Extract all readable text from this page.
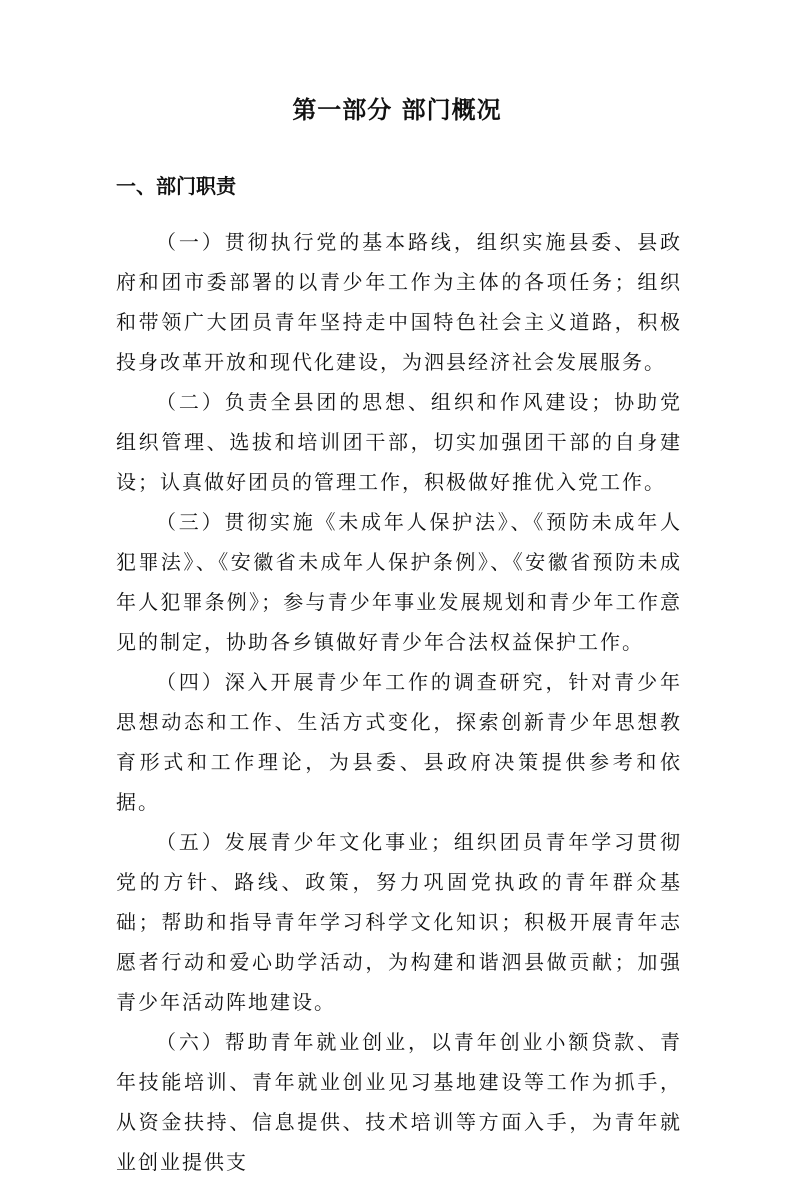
第一部分 部门概况
一、部门职责

（一）贯彻执行党的基本路线，组织实施县委、县政府和团市委部署的以青少年工作为主体的各项任务；组织和带领广大团员青年坚持走中国特色社会主义道路，积极投身改革开放和现代化建设，为泗县经济社会发展服务。

（二）负责全县团的思想、组织和作风建设；协助党组织管理、选拔和培训团干部，切实加强团干部的自身建设；认真做好团员的管理工作，积极做好推优入党工作。

（三）贯彻实施《未成年人保护法》、《预防未成年人犯罪法》、《安徽省未成年人保护条例》、《安徽省预防未成年人犯罪条例》；参与青少年事业发展规划和青少年工作意见的制定，协助各乡镇做好青少年合法权益保护工作。

（四）深入开展青少年工作的调查研究，针对青少年思想动态和工作、生活方式变化，探索创新青少年思想教育形式和工作理论，为县委、县政府决策提供参考和依据。

（五）发展青少年文化事业；组织团员青年学习贯彻党的方针、路线、政策，努力巩固党执政的青年群众基础；帮助和指导青年学习科学文化知识；积极开展青年志愿者行动和爱心助学活动，为构建和谐泗县做贡献；加强青少年活动阵地建设。

（六）帮助青年就业创业，以青年创业小额贷款、青年技能培训、青年就业创业见习基地建设等工作为抓手，从资金扶持、信息提供、技术培训等方面入手，为青年就业创业提供支
